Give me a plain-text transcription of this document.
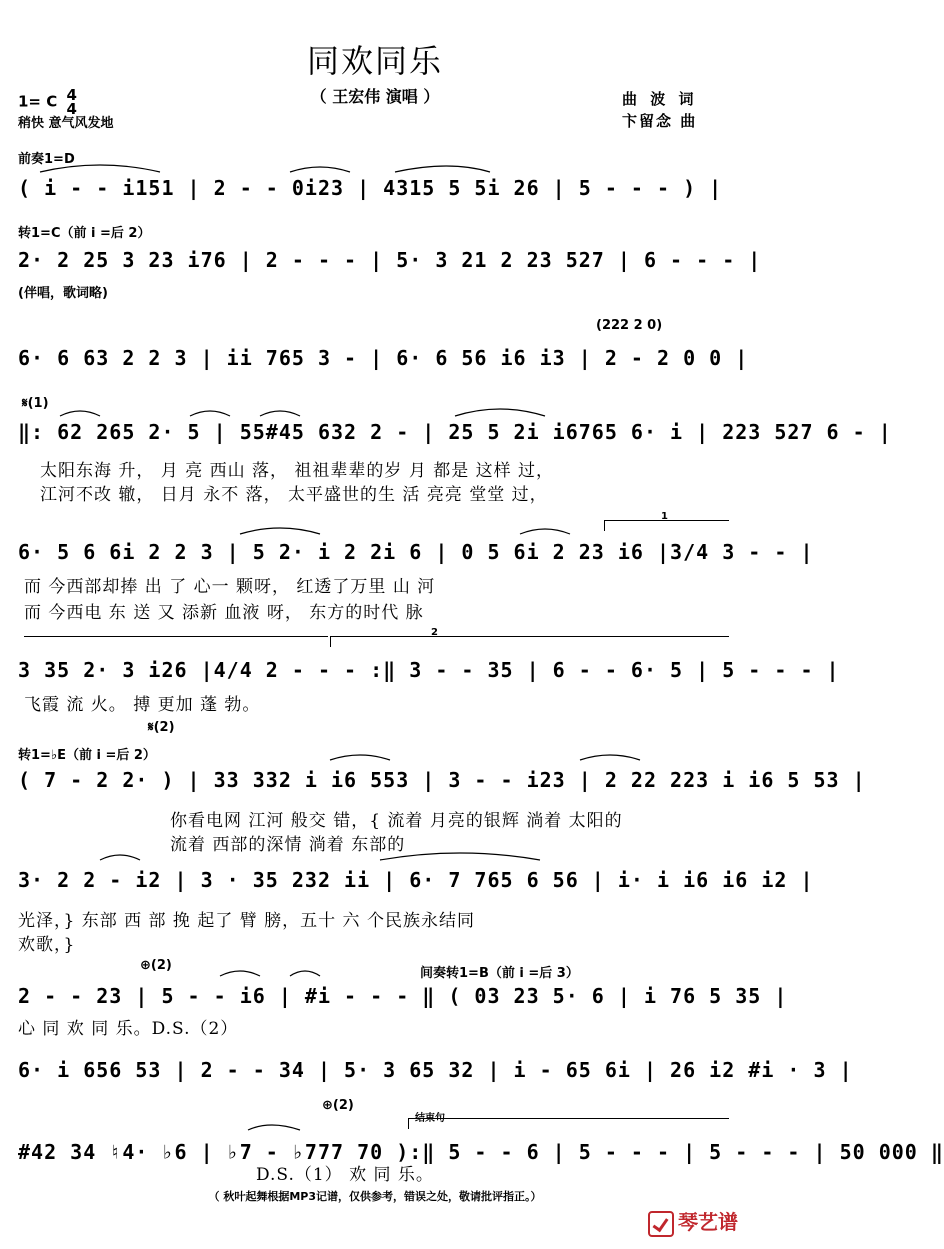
同欢同乐
（ 王宏伟 演唱 ）
1= C 4
4
稍快 意气风发地
曲 波 词
卞留念 曲
前奏1=D
( i - - i151 | 2 - - 0i23 | 4315 5 5i 26 | 5 - - - ) |
转1=C（前 i =后 2）
2· 2 25 3 23 i76 | 2 - - - | 5· 3 21 2 23 527 | 6 - - - |
(伴唱，歌词略)
(222 2 0)
6· 6 63 2 2 3 | ii 765 3 - | 6· 6 56 i6 i3 | 2 - 2 0 0 |
𝄋(1)
‖: 62 265 2· 5 | 55#45 632 2 - | 25 5 2i i6765 6· i | 223 527 6 - |
太阳东海 升， 月 亮 西山 落， 祖祖辈辈的岁 月 都是 这样 过，
江河不改 辙， 日月 永不 落， 太平盛世的生 活 亮亮 堂堂 过，
1
6· 5 6 6i 2 2 3 | 5 2· i 2 2i 6 | 0 5 6i 2 23 i6 |3/4 3 - - |
而 今西部却捧 出 了 心一 颗呀， 红透了万里 山 河
而 今西电 东 送 又 添新 血液 呀， 东方的时代 脉
2
3 35 2· 3 i26 |4/4 2 - - - :‖ 3 - - 35 | 6 - - 6· 5 | 5 - - - |
飞霞 流 火。 搏 更加 蓬 勃。
𝄋(2)
转1=♭E（前 i =后 2）
( 7 - 2 2· ) | 33 332 i i6 553 | 3 - - i23 | 2 22 223 i i6 5 53 |
你看电网 江河 般交 错，{ 流着 月亮的银辉 淌着 太阳的
流着 西部的深情 淌着 东部的
3· 2 2 - i2 | 3 · 35 232 ii | 6· 7 765 6 56 | i· i i6 i6 i2 |
光泽，} 东部 西 部 挽 起了 臂 膀，五十 六 个民族永结同
欢歌，}
⊕(2)
间奏转1=B（前 i =后 3）
2 - - 23 | 5 - - i6 | #i - - - ‖ ( 03 23 5· 6 | i 76 5 35 |
心 同 欢 同 乐。D.S.（2）
6· i 656 53 | 2 - - 34 | 5· 3 65 32 | i - 65 6i | 26 i2 #i · 3 |
⊕(2)
结束句
#42 34 ♮4· ♭6 | ♭7 - ♭777 70 ):‖ 5 - - 6 | 5 - - - | 5 - - - | 50 000 ‖
D.S.（1） 欢 同 乐。
（ 秋叶起舞根据MP3记谱，仅供参考，错误之处，敬请批评指正。）
琴艺谱
